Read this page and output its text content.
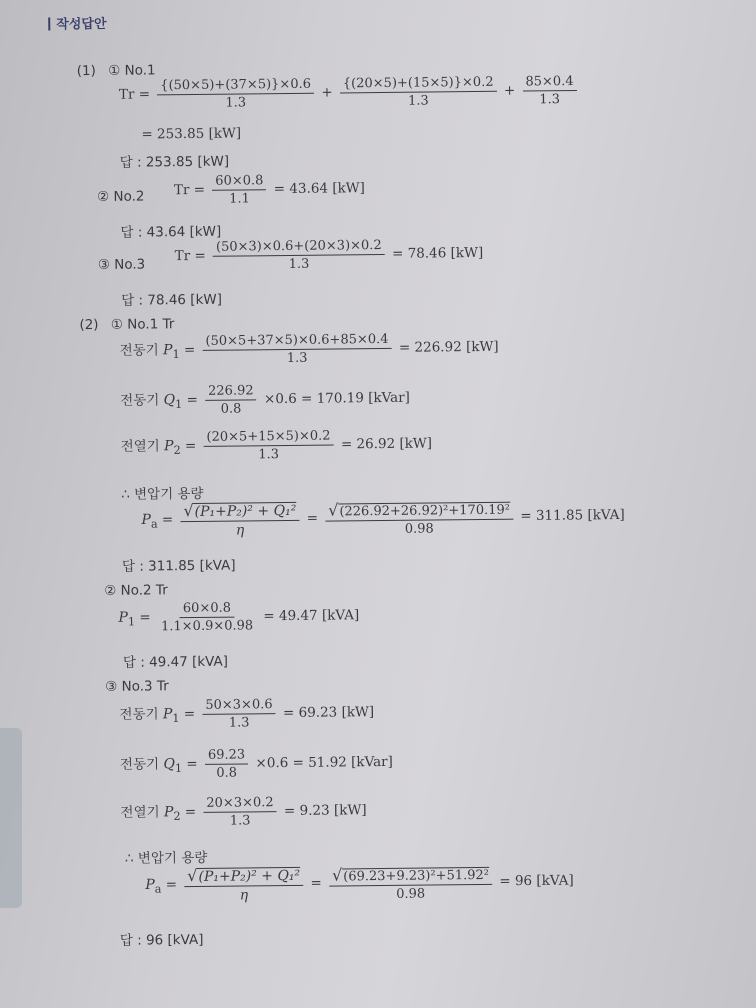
작성답안
(1) ① No.1
$Tr = \frac{\{(50\times 5)+(37\times 5)\}\times 0.6}{1.3} + \frac{\{(20\times 5)+(15\times 5)\}\times 0.2}{1.3} + \frac{85\times 0.4}{1.3}$
= 253.85 [kW]
답 : 253.85 [kW]
② No.2 $Tr = \frac{60\times 0.8}{1.1} = 43.64$ [kW]
답 : 43.64 [kW]
③ No.3
$Tr = \frac{(50\times 3)\times 0.6+(20\times 3)\times 0.2}{1.3} = 78.46$ [kW]
답 : 78.46 [kW]
(2) ① No.1 Tr
전동기 $P_1 = \frac{(50\times 5+37\times 5)\times 0.6+85\times 0.4}{1.3} = 226.92$ [kW]
전동기 $Q_1 = \frac{226.92}{0.8} \times 0.6 = 170.19$ [kVar]
전열기 $P_2 = \frac{(20\times 5+15\times 5)\times 0.2}{1.3} = 26.92$ [kW]
∴ 변압기 용량
$P_a = \frac{\text{√(P₁+P₂)² + Q₁²}}{\eta} = \frac{\text{√(226.92+26.92)²+170.19²}}{0.98} = 311.85$ [kVA]
답 : 311.85 [kVA]
② No.2 Tr
$P_1 = \frac{60\times 0.8}{1.1\times 0.9\times 0.98} = 49.47$ [kVA]
답 : 49.47 [kVA]
③ No.3 Tr
전동기 $P_1 = \frac{50\times 3\times 0.6}{1.3} = 69.23$ [kW]
전동기 $Q_1 = \frac{69.23}{0.8} \times 0.6 = 51.92$ [kVar]
전열기 $P_2 = \frac{20\times 3\times 0.2}{1.3} = 9.23$ [kW]
∴ 변압기 용량
$P_a = \frac{\text{√(P₁+P₂)² + Q₁²}}{\eta} = \frac{\text{√(69.23+9.23)²+51.92²}}{0.98} = 96$ [kVA]
답 : 96 [kVA]
